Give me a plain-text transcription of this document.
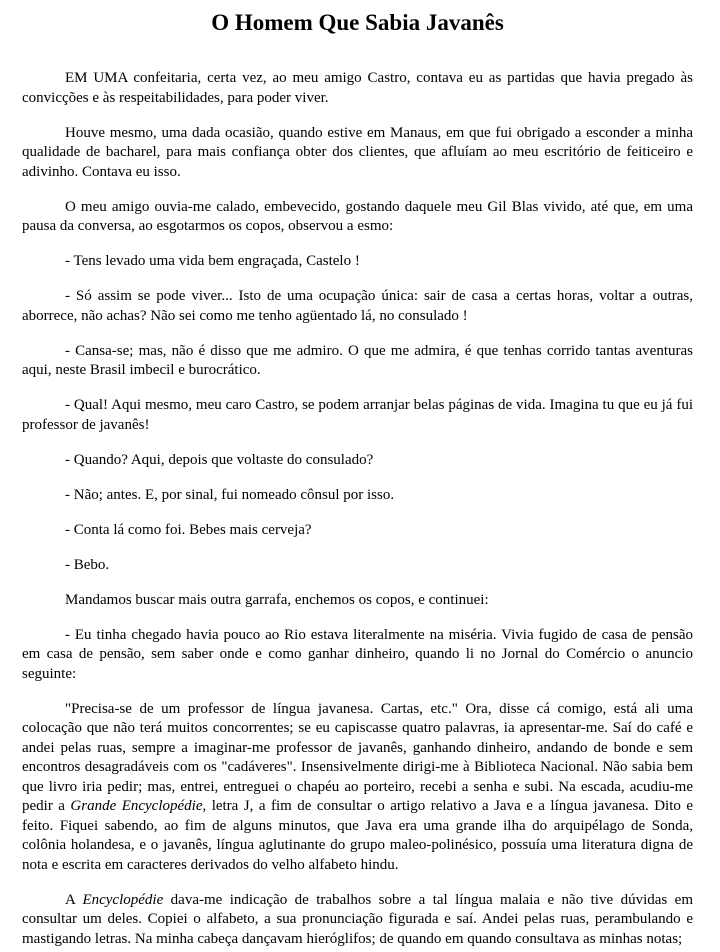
O Homem Que Sabia Javanês

EM UMA confeitaria, certa vez, ao meu amigo Castro, contava eu as partidas que havia pregado às convicções e às respeitabilidades, para poder viver.

Houve mesmo, uma dada ocasião, quando estive em Manaus, em que fui obrigado a esconder a minha qualidade de bacharel, para mais confiança obter dos clientes, que afluíam ao meu escritório de feiticeiro e adivinho. Contava eu isso.

O meu amigo ouvia-me calado, embevecido, gostando daquele meu Gil Blas vivido, até que, em uma pausa da conversa, ao esgotarmos os copos, observou a esmo:

- Tens levado uma vida bem engraçada, Castelo !

- Só assim se pode viver... Isto de uma ocupação única: sair de casa a certas horas, voltar a outras, aborrece, não achas? Não sei como me tenho agüentado lá, no consulado !

- Cansa-se; mas, não é disso que me admiro. O que me admira, é que tenhas corrido tantas aventuras aqui, neste Brasil imbecil e burocrático.

- Qual! Aqui mesmo, meu caro Castro, se podem arranjar belas páginas de vida. Imagina tu que eu já fui professor de javanês!

- Quando? Aqui, depois que voltaste do consulado?

- Não; antes. E, por sinal, fui nomeado cônsul por isso.

- Conta lá como foi. Bebes mais cerveja?

- Bebo.

Mandamos buscar mais outra garrafa, enchemos os copos, e continuei:

- Eu tinha chegado havia pouco ao Rio estava literalmente na miséria. Vivia fugido de casa de pensão em casa de pensão, sem saber onde e como ganhar dinheiro, quando li no Jornal do Comércio o anuncio seguinte:

"Precisa-se de um professor de língua javanesa. Cartas, etc." Ora, disse cá comigo, está ali uma colocação que não terá muitos concorrentes; se eu capiscasse quatro palavras, ia apresentar-me. Saí do café e andei pelas ruas, sempre a imaginar-me professor de javanês, ganhando dinheiro, andando de bonde e sem encontros desagradáveis com os "cadáveres". Insensivelmente dirigi-me à Biblioteca Nacional. Não sabia bem que livro iria pedir; mas, entrei, entreguei o chapéu ao porteiro, recebi a senha e subi. Na escada, acudiu-me pedir a Grande Encyclopédie, letra J, a fim de consultar o artigo relativo a Java e a língua javanesa. Dito e feito. Fiquei sabendo, ao fim de alguns minutos, que Java era uma grande ilha do arquipélago de Sonda, colônia holandesa, e o javanês, língua aglutinante do grupo maleo-polinésico, possuía uma literatura digna de nota e escrita em caracteres derivados do velho alfabeto hindu.

A Encyclopédie dava-me indicação de trabalhos sobre a tal língua malaia e não tive dúvidas em consultar um deles. Copiei o alfabeto, a sua pronunciação figurada e saí. Andei pelas ruas, perambulando e mastigando letras. Na minha cabeça dançavam hieróglifos; de quando em quando consultava as minhas notas;
